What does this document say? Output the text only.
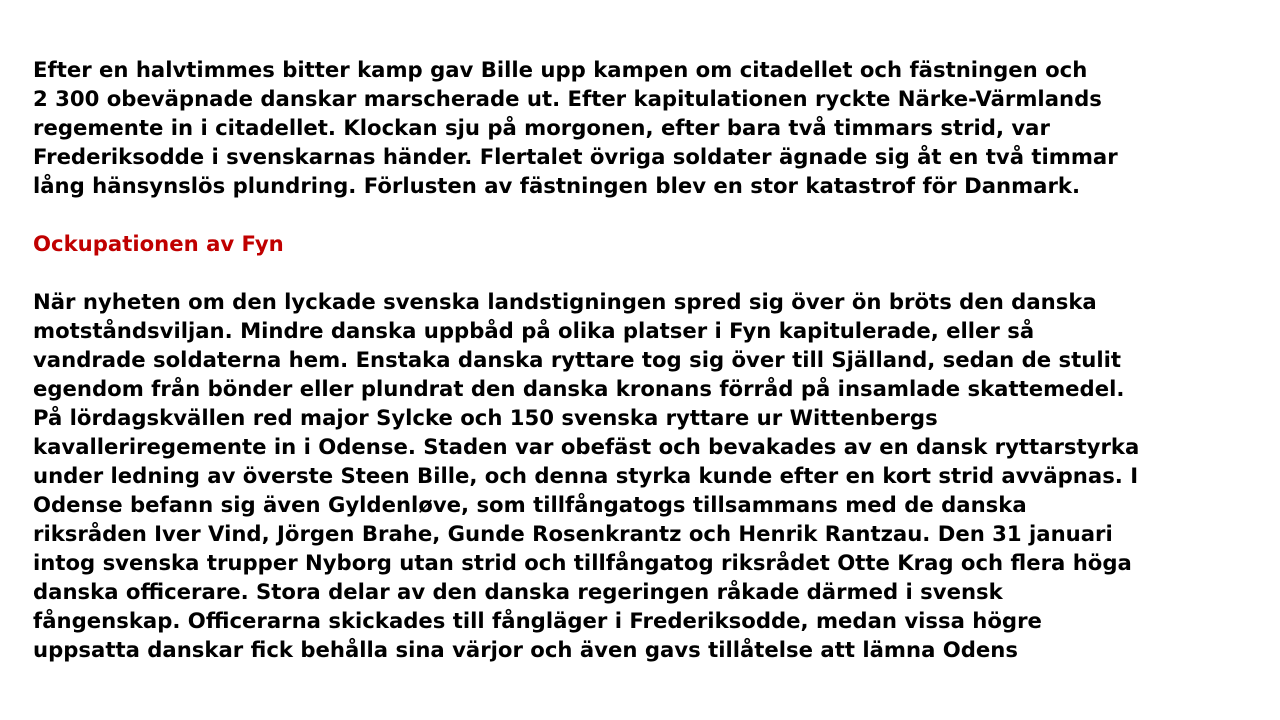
Efter en halvtimmes bitter kamp gav Bille upp kampen om citadellet och fästningen och
2 300 obeväpnade danskar marscherade ut. Efter kapitulationen ryckte Närke-Värmlands
regemente in i citadellet. Klockan sju på morgonen, efter bara två timmars strid, var
Frederiksodde i svenskarnas händer. Flertalet övriga soldater ägnade sig åt en två timmar
lång hänsynslös plundring. Förlusten av fästningen blev en stor katastrof för Danmark.
Ockupationen av Fyn
När nyheten om den lyckade svenska landstigningen spred sig över ön bröts den danska
motståndsviljan. Mindre danska uppbåd på olika platser i Fyn kapitulerade, eller så
vandrade soldaterna hem. Enstaka danska ryttare tog sig över till Själland, sedan de stulit
egendom från bönder eller plundrat den danska kronans förråd på insamlade skattemedel.
På lördagskvällen red major Sylcke och 150 svenska ryttare ur Wittenbergs
kavalleriregemente in i Odense. Staden var obefäst och bevakades av en dansk ryttarstyrka
under ledning av överste Steen Bille, och denna styrka kunde efter en kort strid avväpnas. I
Odense befann sig även Gyldenløve, som tillfångatogs tillsammans med de danska
riksråden Iver Vind, Jörgen Brahe, Gunde Rosenkrantz och Henrik Rantzau. Den 31 januari
intog svenska trupper Nyborg utan strid och tillfångatog riksrådet Otte Krag och flera höga
danska officerare. Stora delar av den danska regeringen råkade därmed i svensk
fångenskap. Officerarna skickades till fångläger i Frederiksodde, medan vissa högre
uppsatta danskar fick behålla sina värjor och även gavs tillåtelse att lämna Odens
